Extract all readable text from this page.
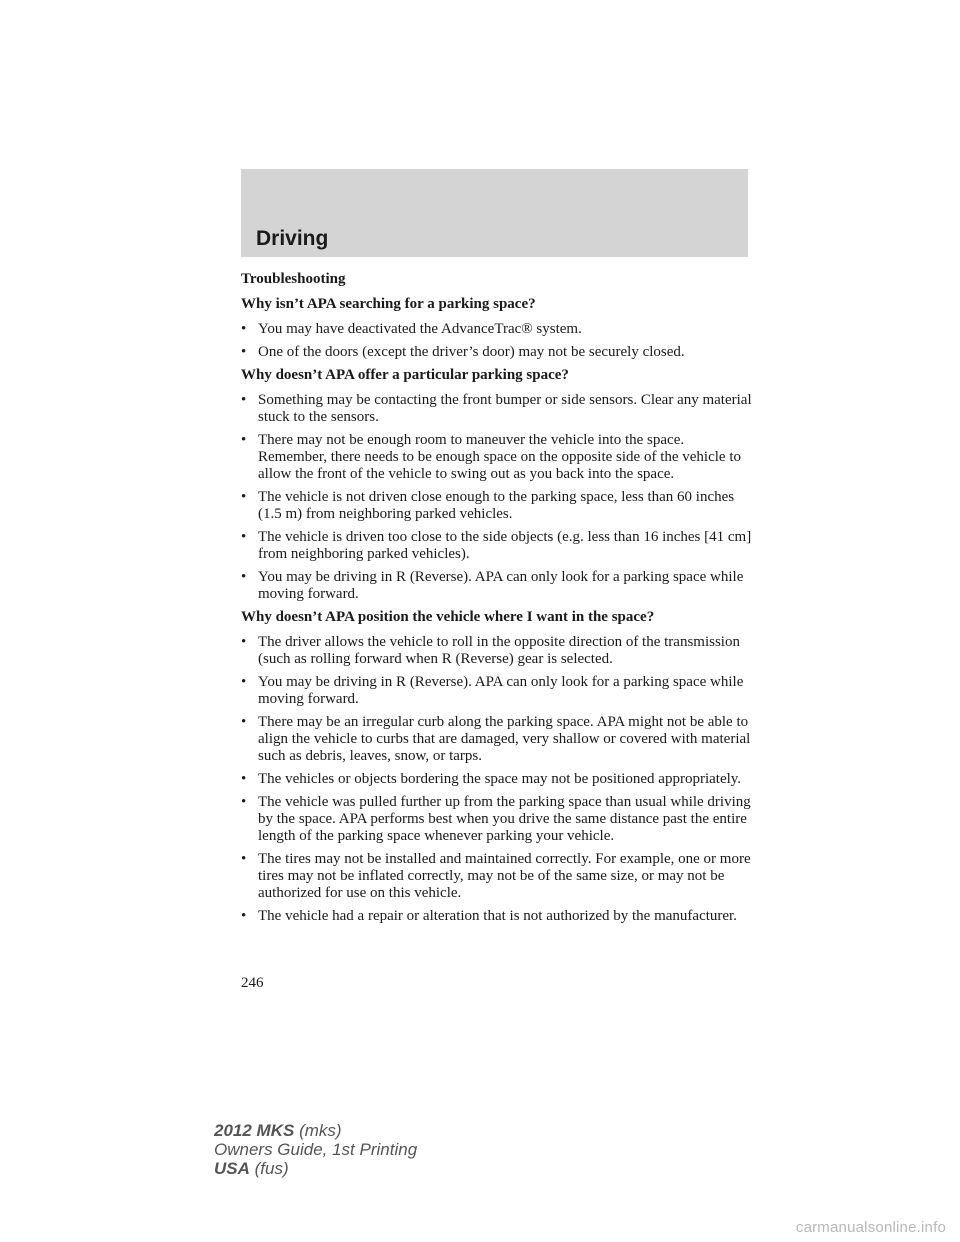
Driving

Troubleshooting

Why isn’t APA searching for a parking space?

• You may have deactivated the AdvanceTrac® system.
• One of the doors (except the driver’s door) may not be securely closed.

Why doesn’t APA offer a particular parking space?

• Something may be contacting the front bumper or side sensors. Clear any material stuck to the sensors.
• There may not be enough room to maneuver the vehicle into the space. Remember, there needs to be enough space on the opposite side of the vehicle to allow the front of the vehicle to swing out as you back into the space.
• The vehicle is not driven close enough to the parking space, less than 60 inches (1.5 m) from neighboring parked vehicles.
• The vehicle is driven too close to the side objects (e.g. less than 16 inches [41 cm] from neighboring parked vehicles).
• You may be driving in R (Reverse). APA can only look for a parking space while moving forward.

Why doesn’t APA position the vehicle where I want in the space?

• The driver allows the vehicle to roll in the opposite direction of the transmission (such as rolling forward when R (Reverse) gear is selected.
• You may be driving in R (Reverse). APA can only look for a parking space while moving forward.
• There may be an irregular curb along the parking space. APA might not be able to align the vehicle to curbs that are damaged, very shallow or covered with material such as debris, leaves, snow, or tarps.
• The vehicles or objects bordering the space may not be positioned appropriately.
• The vehicle was pulled further up from the parking space than usual while driving by the space. APA performs best when you drive the same distance past the entire length of the parking space whenever parking your vehicle.
• The tires may not be installed and maintained correctly. For example, one or more tires may not be inflated correctly, may not be of the same size, or may not be authorized for use on this vehicle.
• The vehicle had a repair or alteration that is not authorized by the manufacturer.
246
2012 MKS (mks)
Owners Guide, 1st Printing
USA (fus)
carmanualsonline.info
